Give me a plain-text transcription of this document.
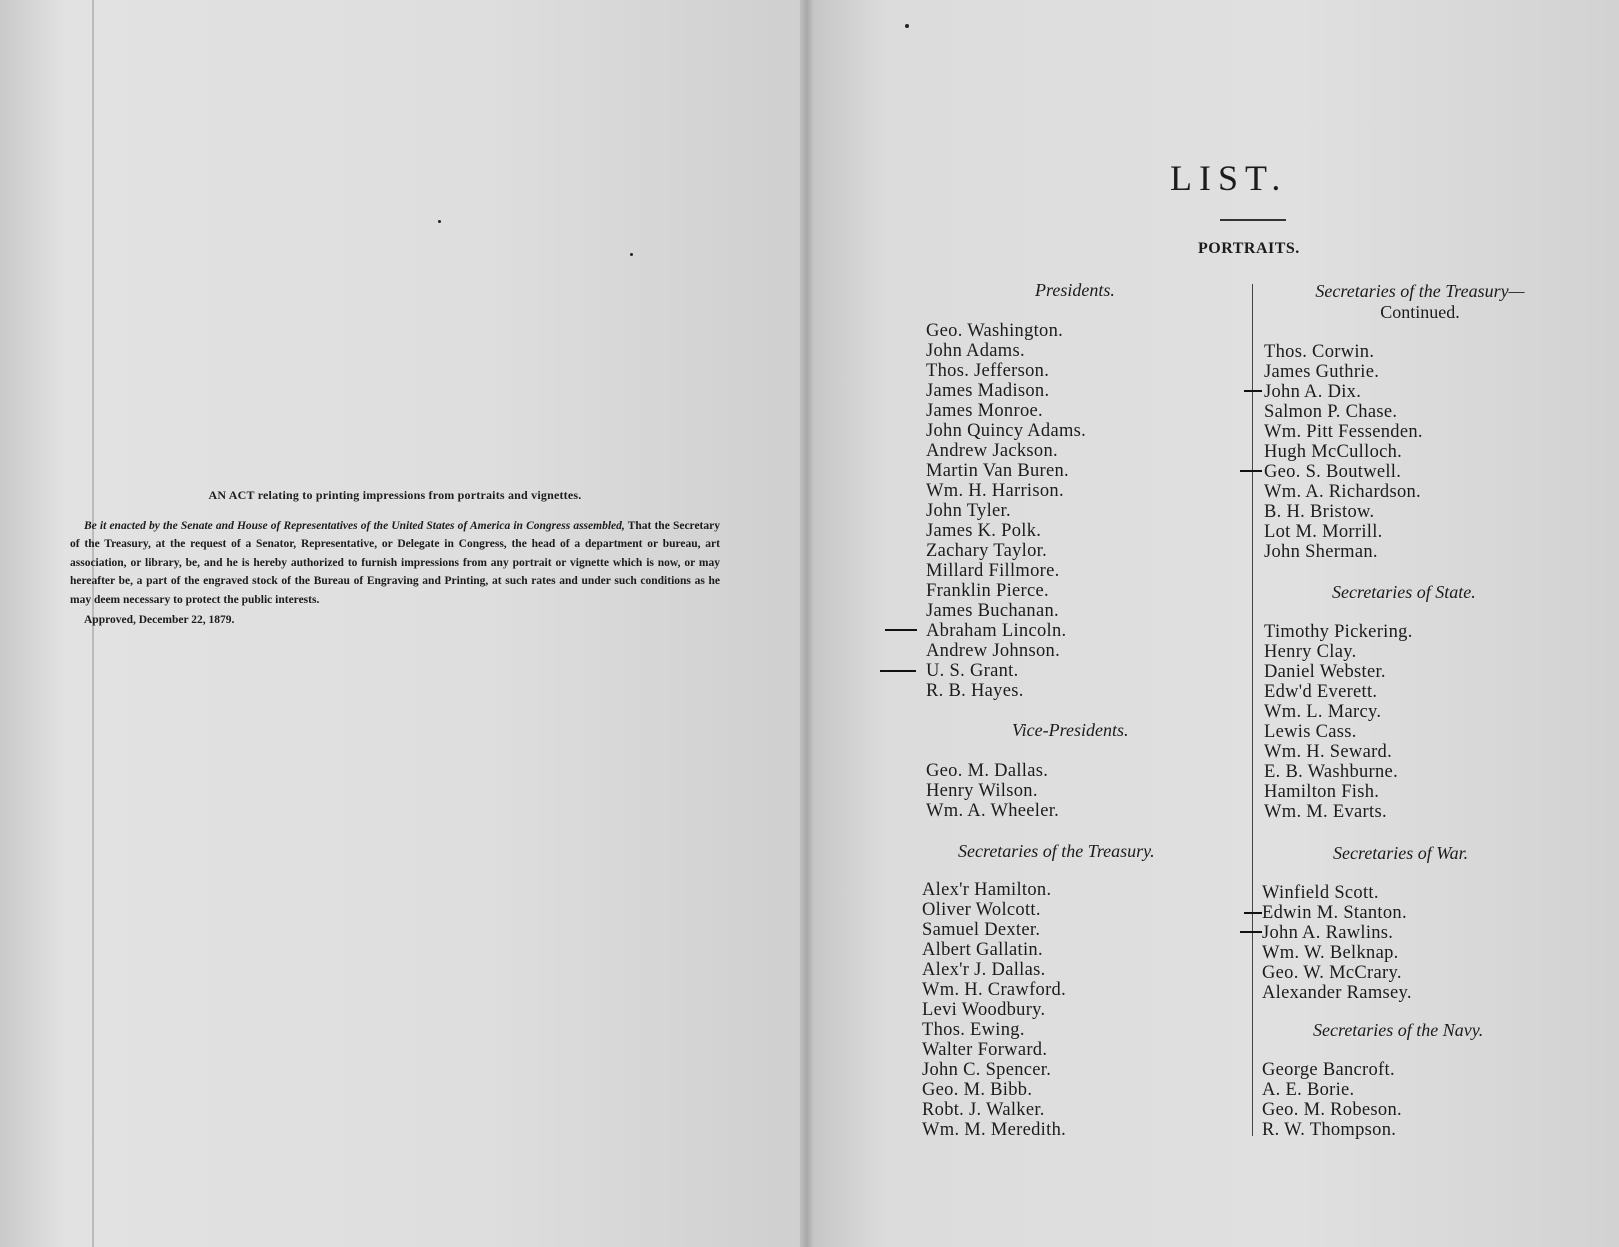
AN ACT relating to printing impressions from portraits and vignettes.
Be it enacted by the Senate and House of Representatives of the United States of America in Congress assembled, That the Secretary of the Treasury, at the request of a Senator, Representative, or Delegate in Congress, the head of a department or bureau, art association, or library, be, and he is hereby authorized to furnish impressions from any portrait or vignette which is now, or may hereafter be, a part of the engraved stock of the Bureau of Engraving and Printing, at such rates and under such conditions as he may deem necessary to protect the public interests.
Approved, December 22, 1879.
LIST.
PORTRAITS.
Presidents.
Geo. Washington.
John Adams.
Thos. Jefferson.
James Madison.
James Monroe.
John Quincy Adams.
Andrew Jackson.
Martin Van Buren.
Wm. H. Harrison.
John Tyler.
James K. Polk.
Zachary Taylor.
Millard Fillmore.
Franklin Pierce.
James Buchanan.
Abraham Lincoln.
Andrew Johnson.
U. S. Grant.
R. B. Hayes.
Vice-Presidents.
Geo. M. Dallas.
Henry Wilson.
Wm. A. Wheeler.
Secretaries of the Treasury.
Alex'r Hamilton.
Oliver Wolcott.
Samuel Dexter.
Albert Gallatin.
Alex'r J. Dallas.
Wm. H. Crawford.
Levi Woodbury.
Thos. Ewing.
Walter Forward.
John C. Spencer.
Geo. M. Bibb.
Robt. J. Walker.
Wm. M. Meredith.
Secretaries of the Treasury—
Continued.
Thos. Corwin.
James Guthrie.
John A. Dix.
Salmon P. Chase.
Wm. Pitt Fessenden.
Hugh McCulloch.
Geo. S. Boutwell.
Wm. A. Richardson.
B. H. Bristow.
Lot M. Morrill.
John Sherman.
Secretaries of State.
Timothy Pickering.
Henry Clay.
Daniel Webster.
Edw'd Everett.
Wm. L. Marcy.
Lewis Cass.
Wm. H. Seward.
E. B. Washburne.
Hamilton Fish.
Wm. M. Evarts.
Secretaries of War.
Winfield Scott.
Edwin M. Stanton.
John A. Rawlins.
Wm. W. Belknap.
Geo. W. McCrary.
Alexander Ramsey.
Secretaries of the Navy.
George Bancroft.
A. E. Borie.
Geo. M. Robeson.
R. W. Thompson.
